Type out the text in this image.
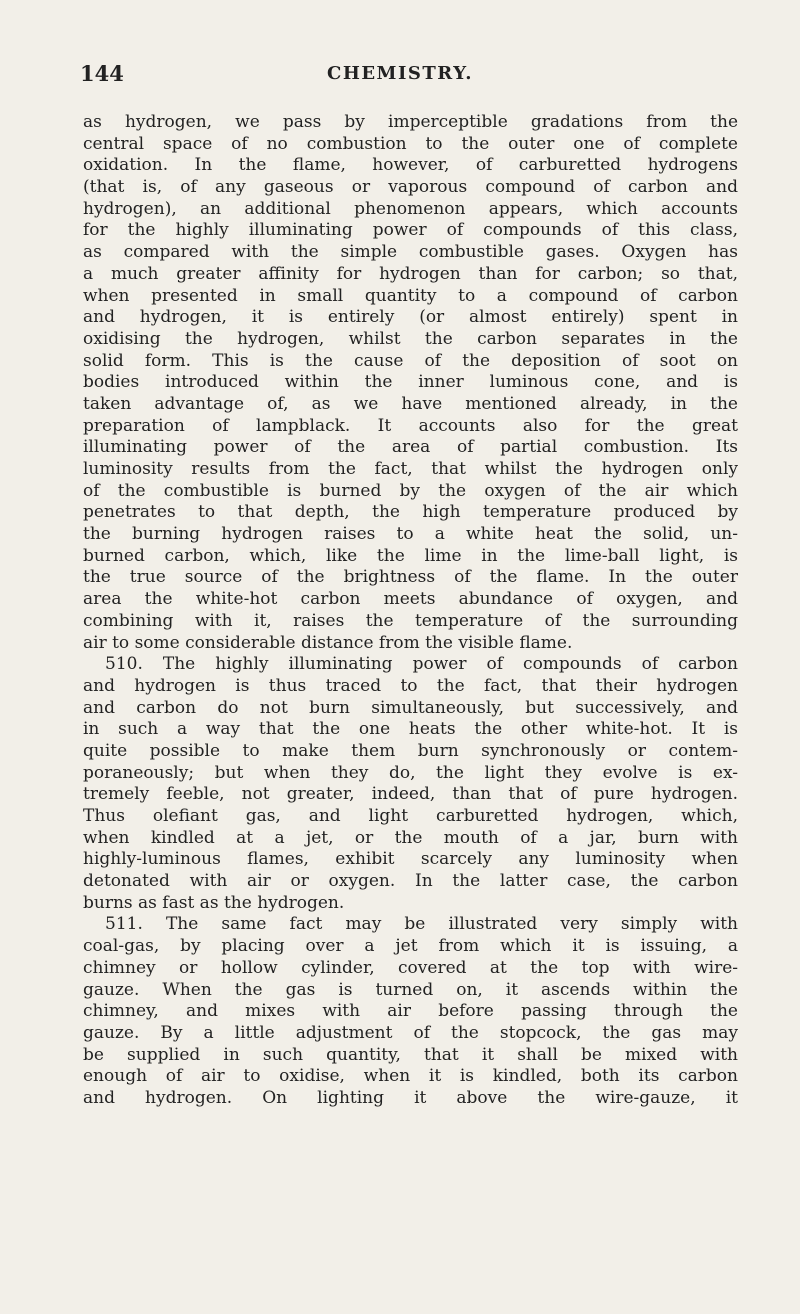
144	CHEMISTRY.
as hydrogen, we pass by imperceptible gradations from the
central space of no combustion to the outer one of complete
oxidation. In the flame, however, of carburetted hydrogens
(that is, of any gaseous or vaporous compound of carbon and
hydrogen), an additional phenomenon appears, which accounts
for the highly illuminating power of compounds of this class,
as compared with the simple combustible gases. Oxygen has
a much greater affinity for hydrogen than for carbon; so that,
when presented in small quantity to a compound of carbon
and hydrogen, it is entirely (or almost entirely) spent in
oxidising the hydrogen, whilst the carbon separates in the
solid form. This is the cause of the deposition of soot on
bodies introduced within the inner luminous cone, and is
taken advantage of, as we have mentioned already, in the
preparation of lampblack. It accounts also for the great
illuminating power of the area of partial combustion. Its
luminosity results from the fact, that whilst the hydrogen only
of the combustible is burned by the oxygen of the air which
penetrates to that depth, the high temperature produced by
the burning hydrogen raises to a white heat the solid, un-
burned carbon, which, like the lime in the lime-ball light, is
the true source of the brightness of the flame. In the outer
area the white-hot carbon meets abundance of oxygen, and
combining with it, raises the temperature of the surrounding
air to some considerable distance from the visible flame.
510. The highly illuminating power of compounds of carbon
and hydrogen is thus traced to the fact, that their hydrogen
and carbon do not burn simultaneously, but successively, and
in such a way that the one heats the other white-hot. It is
quite possible to make them burn synchronously or contem-
poraneously; but when they do, the light they evolve is ex-
tremely feeble, not greater, indeed, than that of pure hydrogen.
Thus olefiant gas, and light carburetted hydrogen, which,
when kindled at a jet, or the mouth of a jar, burn with
highly-luminous flames, exhibit scarcely any luminosity when
detonated with air or oxygen. In the latter case, the carbon
burns as fast as the hydrogen.
511. The same fact may be illustrated very simply with
coal-gas, by placing over a jet from which it is issuing, a
chimney or hollow cylinder, covered at the top with wire-
gauze. When the gas is turned on, it ascends within the
chimney, and mixes with air before passing through the
gauze. By a little adjustment of the stopcock, the gas may
be supplied in such quantity, that it shall be mixed with
enough of air to oxidise, when it is kindled, both its carbon
and hydrogen. On lighting it above the wire-gauze, it
